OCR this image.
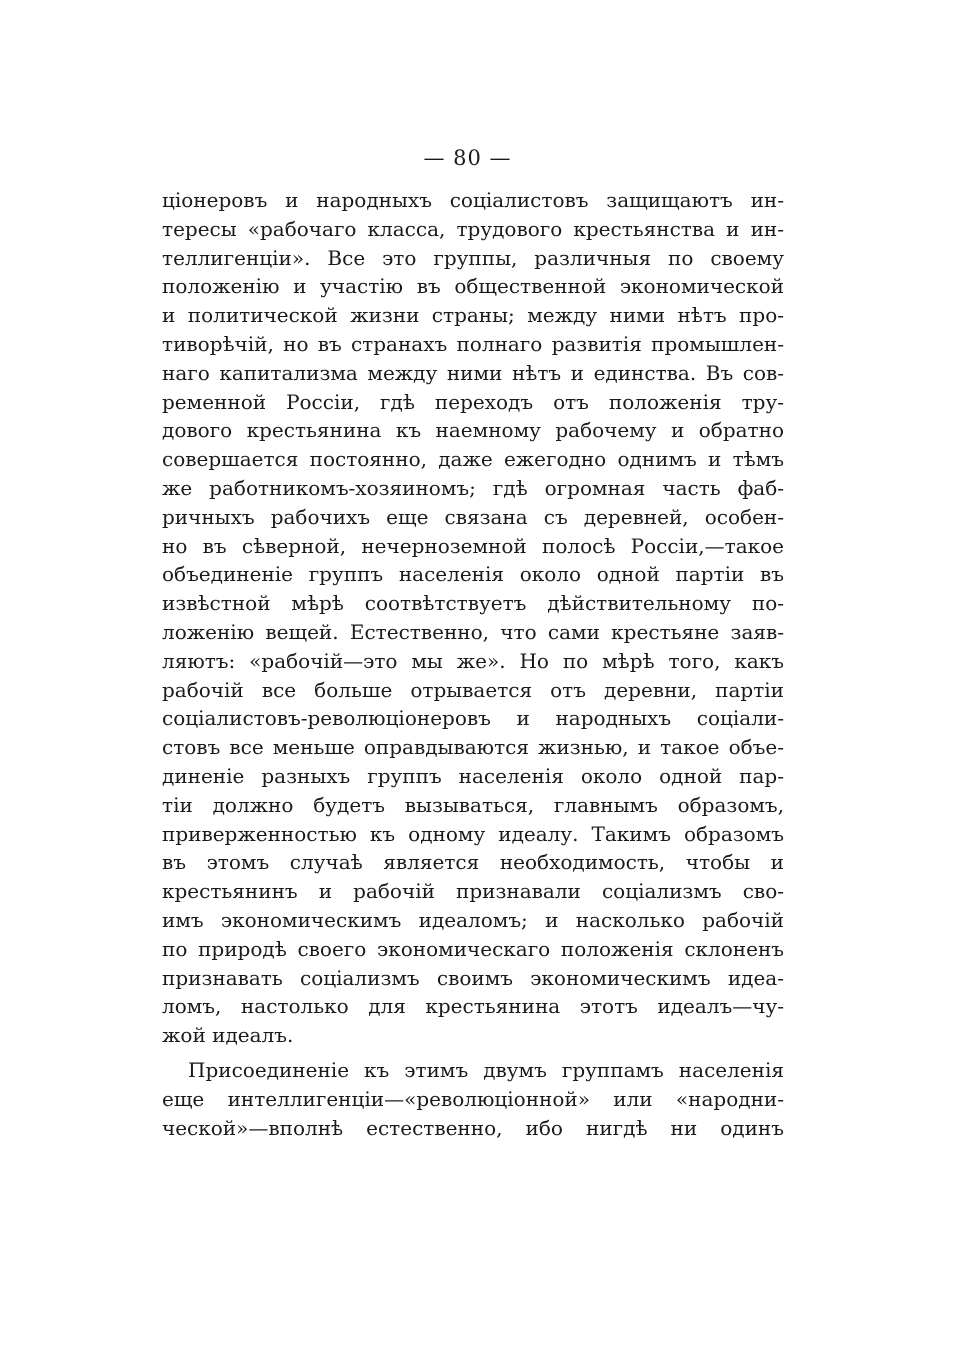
— 80 —
ціонеровъ и народныхъ соціалистовъ защищаютъ ин-
тересы «рабочаго класса, трудового крестьянства и ин-
теллигенціи». Все это группы, различныя по своему
положенію и участію въ общественной экономической
и политической жизни страны; между ними нѣтъ про-
тиворѣчій, но въ странахъ полнаго развитія промышлен-
наго капитализма между ними нѣтъ и единства. Въ сов-
ременной Россіи, гдѣ переходъ отъ положенія тру-
дового крестьянина къ наемному рабочему и обратно
совершается постоянно, даже ежегодно однимъ и тѣмъ
же работникомъ-хозяиномъ; гдѣ огромная часть фаб-
ричныхъ рабочихъ еще связана съ деревней, особен-
но въ сѣверной, нечерноземной полосѣ Россіи,—такое
объединеніе группъ населенія около одной партіи въ
извѣстной мѣрѣ соотвѣтствуетъ дѣйствительному по-
ложенію вещей. Естественно, что сами крестьяне заяв-
ляютъ: «рабочій—это мы же». Но по мѣрѣ того, какъ
рабочій все больше отрывается отъ деревни, партіи
соціалистовъ-революціонеровъ и народныхъ соціали-
стовъ все меньше оправдываются жизнью, и такое объе-
диненіе разныхъ группъ населенія около одной пар-
тіи должно будетъ вызываться, главнымъ образомъ,
приверженностью къ одному идеалу. Такимъ образомъ
въ этомъ случаѣ является необходимость, чтобы и
крестьянинъ и рабочій признавали соціализмъ сво-
имъ экономическимъ идеаломъ; и насколько рабочій
по природѣ своего экономическаго положенія склоненъ
признавать соціализмъ своимъ экономическимъ идеа-
ломъ, настолько для крестьянина этотъ идеалъ—чу-
жой идеалъ.
Присоединеніе къ этимъ двумъ группамъ населенія
еще интеллигенціи—«революціонной» или «народни-
ческой»—вполнѣ естественно, ибо нигдѣ ни одинъ
